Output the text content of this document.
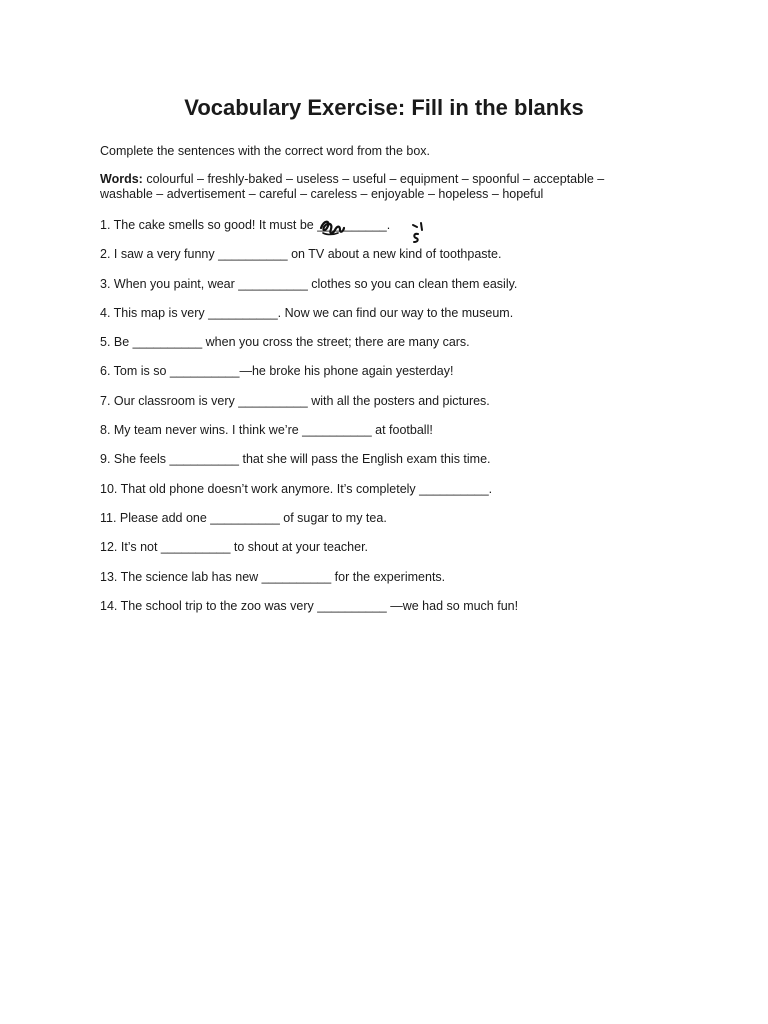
Vocabulary Exercise: Fill in the blanks

Complete the sentences with the correct word from the box.

Words: colourful – freshly-baked – useless – useful – equipment – spoonful – acceptable – washable – advertisement – careful – careless – enjoyable – hopeless – hopeful

1. The cake smells so good! It must be __________.
2. I saw a very funny __________ on TV about a new kind of toothpaste.
3. When you paint, wear __________ clothes so you can clean them easily.
4. This map is very __________. Now we can find our way to the museum.
5. Be __________ when you cross the street; there are many cars.
6. Tom is so __________—he broke his phone again yesterday!
7. Our classroom is very __________ with all the posters and pictures.
8. My team never wins. I think we’re __________ at football!
9. She feels __________ that she will pass the English exam this time.
10. That old phone doesn’t work anymore. It’s completely __________.
11. Please add one __________ of sugar to my tea.
12. It’s not __________ to shout at your teacher.
13. The science lab has new __________ for the experiments.
14. The school trip to the zoo was very __________ —we had so much fun!
